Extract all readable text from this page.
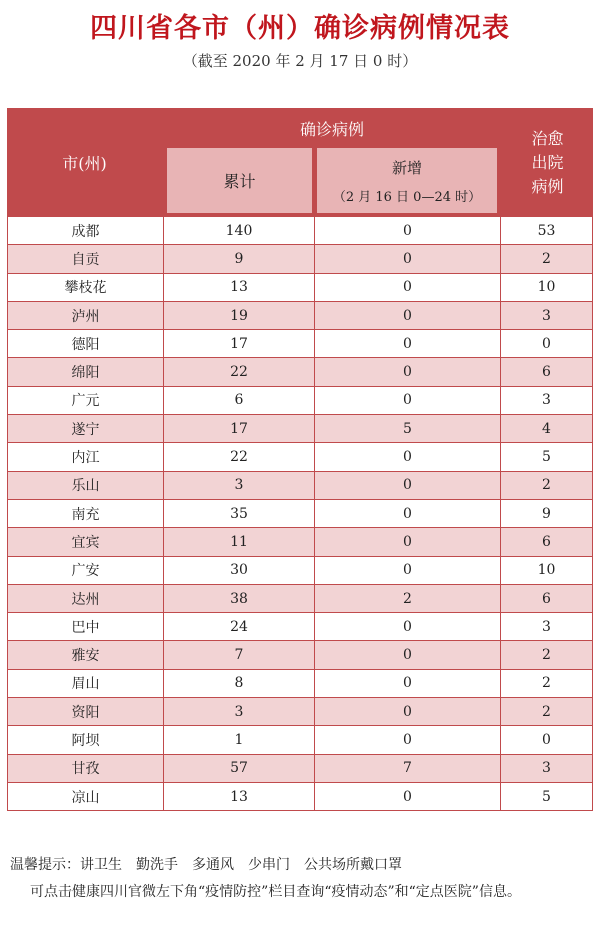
四川省各市（州）确诊病例情况表
（截至 2020 年 2 月 17 日 0 时）
市(州)
确诊病例
累计
新增
（2 月 16 日 0—24 时）
治愈
出院
病例
成都	140	0	53
自贡	9	0	2
攀枝花	13	0	10
泸州	19	0	3
德阳	17	0	0
绵阳	22	0	6
广元	6	0	3
遂宁	17	5	4
内江	22	0	5
乐山	3	0	2
南充	35	0	9
宜宾	11	0	6
广安	30	0	10
达州	38	2	6
巴中	24	0	3
雅安	7	0	2
眉山	8	0	2
资阳	3	0	2
阿坝	1	0	0
甘孜	57	7	3
凉山	13	0	5
温馨提示：讲卫生　勤洗手　多通风　少串门　公共场所戴口罩
可点击健康四川官微左下角“疫情防控”栏目查询“疫情动态”和“定点医院”信息。
